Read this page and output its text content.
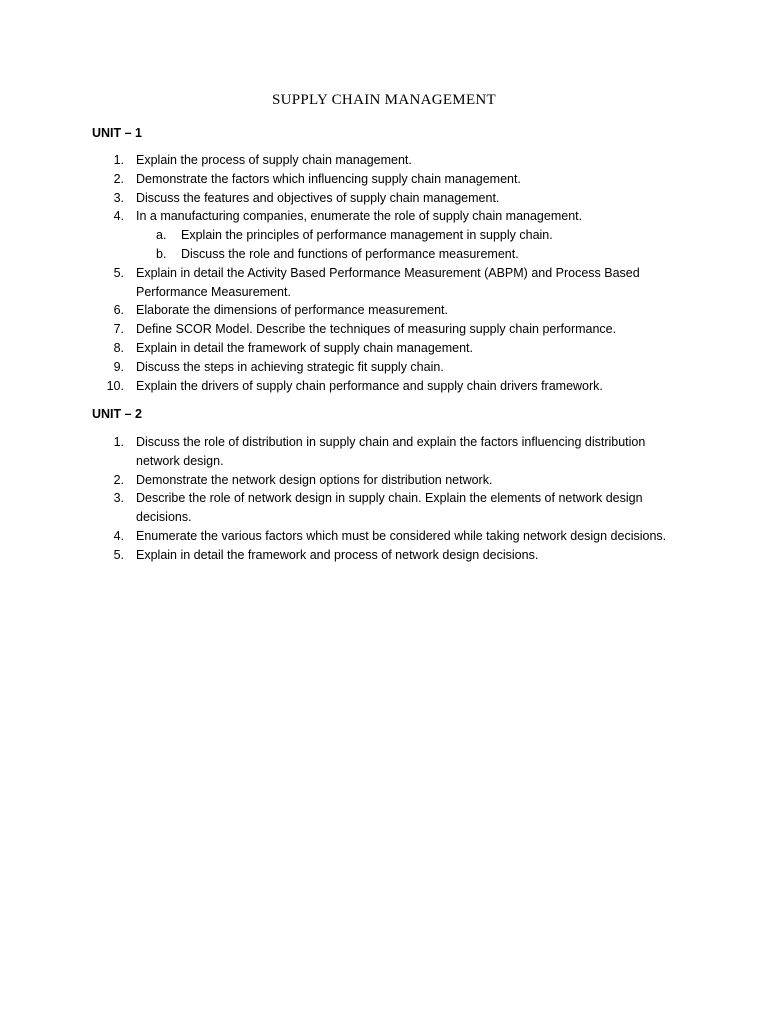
SUPPLY CHAIN MANAGEMENT
UNIT – 1
1. Explain the process of supply chain management.
2. Demonstrate the factors which influencing supply chain management.
3. Discuss the features and objectives of supply chain management.
4. In a manufacturing companies, enumerate the role of supply chain management.
a. Explain the principles of performance management in supply chain.
b. Discuss the role and functions of performance measurement.
5. Explain in detail the Activity Based Performance Measurement (ABPM) and Process Based Performance Measurement.
6. Elaborate the dimensions of performance measurement.
7. Define SCOR Model. Describe the techniques of measuring supply chain performance.
8. Explain in detail the framework of supply chain management.
9. Discuss the steps in achieving strategic fit supply chain.
10. Explain the drivers of supply chain performance and supply chain drivers framework.
UNIT – 2
1. Discuss the role of distribution in supply chain and explain the factors influencing distribution network design.
2. Demonstrate the network design options for distribution network.
3. Describe the role of network design in supply chain. Explain the elements of network design decisions.
4. Enumerate the various factors which must be considered while taking network design decisions.
5. Explain in detail the framework and process of network design decisions.
